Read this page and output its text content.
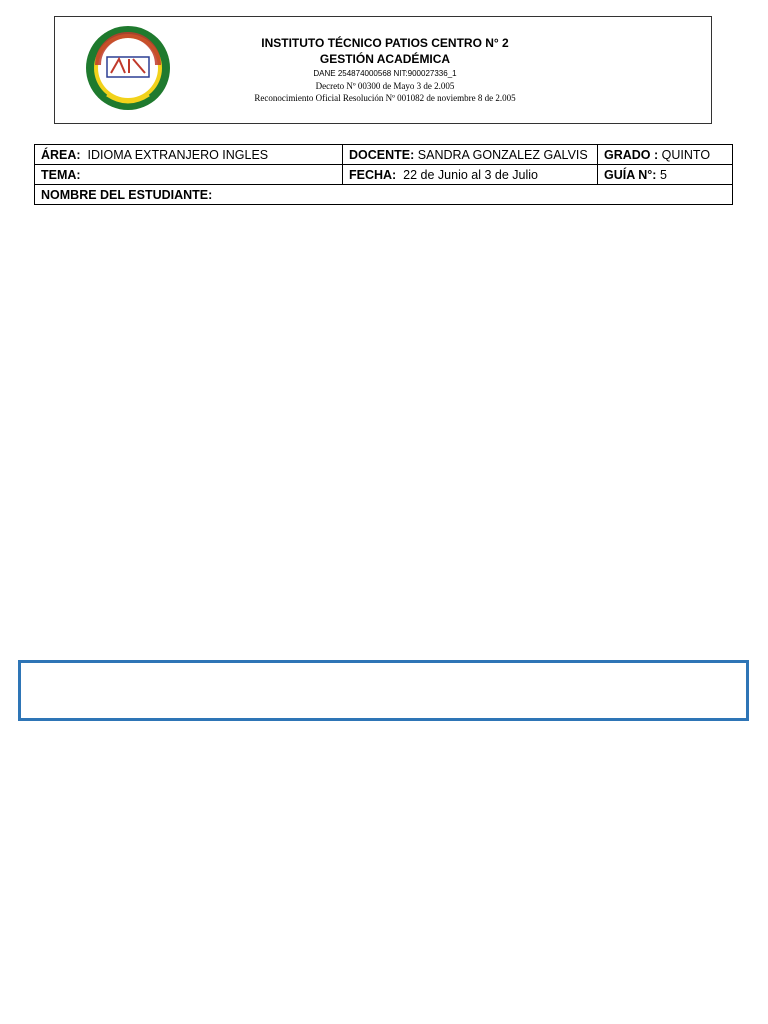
INSTITUTO TÉCNICO PATIOS CENTRO N° 2
GESTIÓN ACADÉMICA
DANE 254874000568 NIT:900027336_1
Decreto Nº 00300 de Mayo 3 de 2.005
Reconocimiento Oficial Resolución Nº 001082 de noviembre 8 de 2.005
ÁREA: IDIOMA EXTRANJERO INGLES	DOCENTE: SANDRA GONZALEZ GALVIS	GRADO : QUINTO
TEMA:	FECHA: 22 de Junio al 3 de Julio	GUÍA N°: 5
NOMBRE DEL ESTUDIANTE:		
